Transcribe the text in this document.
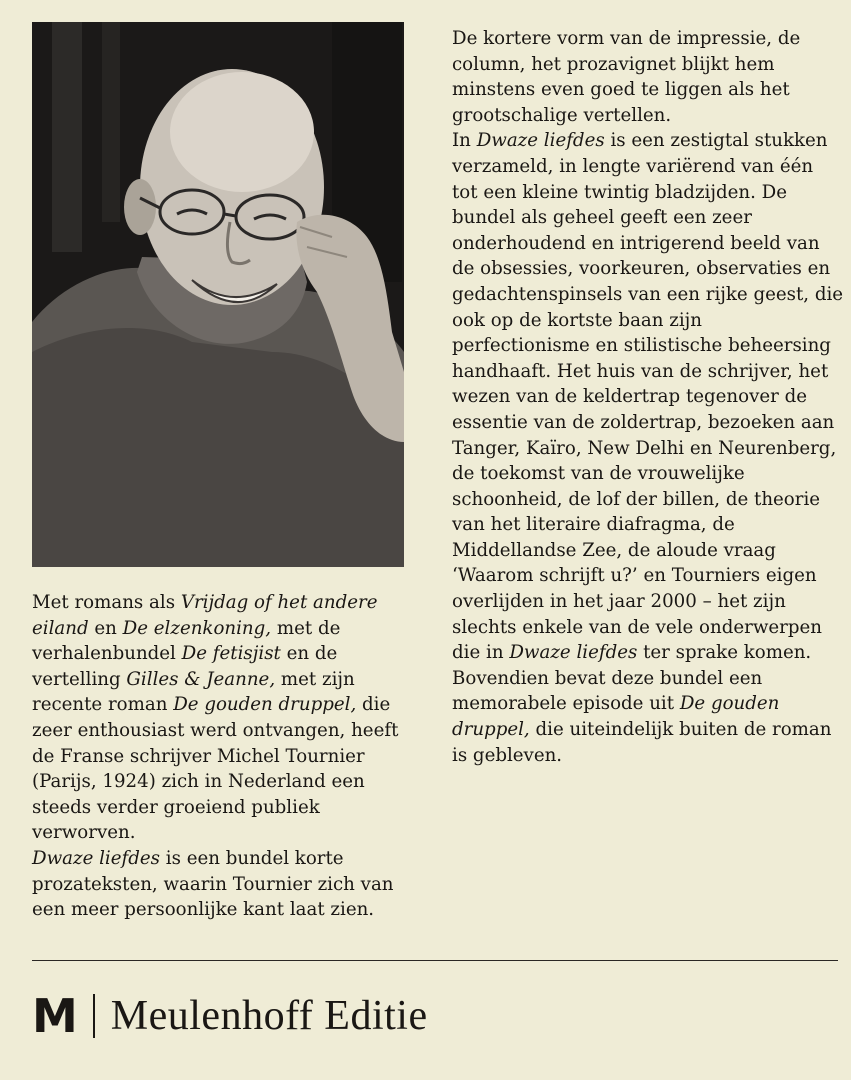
Met romans als Vrijdag of het andere eiland en De elzenkoning, met de verhalenbundel De fetisjist en de vertelling Gilles & Jeanne, met zijn recente roman De gouden druppel, die zeer enthousiast werd ontvangen, heeft de Franse schrijver Michel Tournier (Parijs, 1924) zich in Nederland een steeds verder groeiend publiek verworven.

Dwaze liefdes is een bundel korte prozateksten, waarin Tournier zich van een meer persoonlijke kant laat zien.

De kortere vorm van de impressie, de column, het prozavignet blijkt hem minstens even goed te liggen als het grootschalige vertellen.

In Dwaze liefdes is een zestigtal stukken verzameld, in lengte variërend van één tot een kleine twintig bladzijden. De bundel als geheel geeft een zeer onderhoudend en intrigerend beeld van de obsessies, voorkeuren, observaties en gedachtenspinsels van een rijke geest, die ook op de kortste baan zijn perfectionisme en stilistische beheersing handhaaft. Het huis van de schrijver, het wezen van de keldertrap tegenover de essentie van de zoldertrap, bezoeken aan Tanger, Kaïro, New Delhi en Neurenberg, de toekomst van de vrouwelijke schoonheid, de lof der billen, de theorie van het literaire diafragma, de Middellandse Zee, de aloude vraag ‘Waarom schrijft u?’ en Tourniers eigen overlijden in het jaar 2000 – het zijn slechts enkele van de vele onderwerpen die in Dwaze liefdes ter sprake komen.

Bovendien bevat deze bundel een memorabele episode uit De gouden druppel, die uiteindelijk buiten de roman is gebleven.

M Meulenhoff Editie
